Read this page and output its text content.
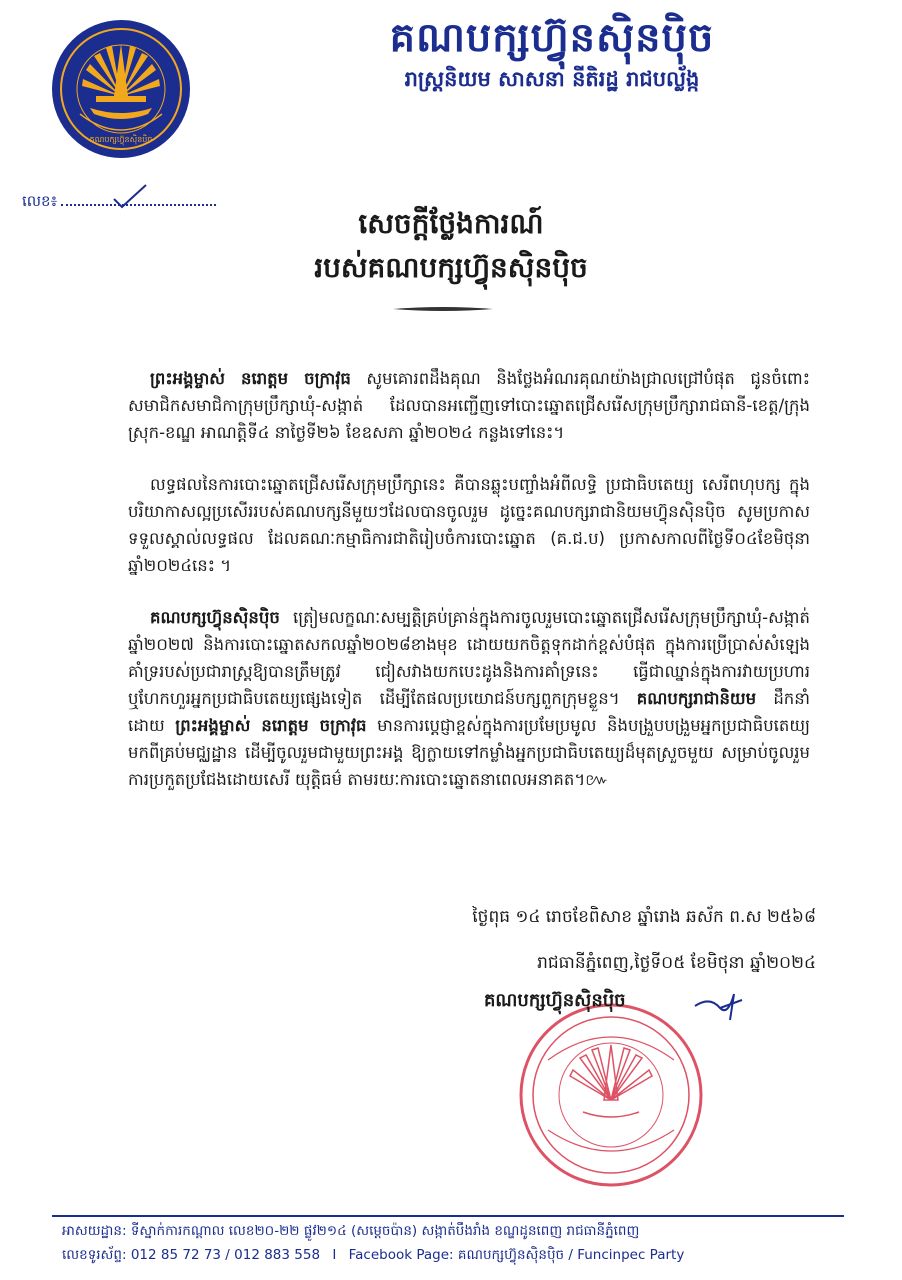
គណបក្សហ៊្វុនស៊ិនប៉ិច
គណបក្សហ៊្វុនស៊ិនប៉ិច
រាស្ត្រនិយម សាសនា នីតិរដ្ឋ រាជបល្ល័ង្ក
លេខ៖
សេចក្ដីថ្លែងការណ៍
របស់គណបក្សហ៊្វុនស៊ិនប៉ិច

ព្រះអង្គម្ចាស់ នរោត្តម ចក្រាវុធ សូមគោរពដឹងគុណ និងថ្លែងអំណរគុណយ៉ាងជ្រាលជ្រៅបំផុត ជូនចំពោះសមាជិកសមាជិកាក្រុមប្រឹក្សាឃុំ-សង្កាត់ ដែលបានអញ្ជើញទៅបោះឆ្នោតជ្រើសរើសក្រុមប្រឹក្សារាជធានី-ខេត្ត/ក្រុង ស្រុក-ខណ្ឌ អាណត្តិទី៤ នាថ្ងៃទី២៦ ខែឧសភា ឆ្នាំ២០២៤ កន្លងទៅនេះ។

លទ្ធផលនៃការបោះឆ្នោតជ្រើសរើសក្រុមប្រឹក្សានេះ គឺបានឆ្លុះបញ្ចាំងអំពីលទ្ធិ ប្រជាធិបតេយ្យ សេរីពហុបក្ស ក្នុងបរិយាកាសល្អប្រសើររបស់គណបក្សនីមួយៗដែលបានចូលរួម ដូច្នេះគណបក្សរាជានិយមហ៊្វុនស៊ិនប៉ិច សូមប្រកាសទទួលស្គាល់លទ្ធផល ដែលគណៈកម្មាធិការជាតិរៀបចំការបោះឆ្នោត (គ.ជ.ប) ប្រកាសកាលពីថ្ងៃទី០៤ខែមិថុនា ឆ្នាំ២០២៤នេះ ។

គណបក្សហ៊្វុនស៊ិនប៉ិច ត្រៀមលក្ខណៈសម្បត្តិគ្រប់គ្រាន់ក្នុងការចូលរួមបោះឆ្នោតជ្រើសរើសក្រុមប្រឹក្សាឃុំ-សង្កាត់ឆ្នាំ២០២៧ និងការបោះឆ្នោតសកលឆ្នាំ២០២៨ខាងមុខ ដោយយកចិត្តទុកដាក់ខ្ពស់បំផុត ក្នុងការប្រើប្រាស់សំឡេងគាំទ្ររបស់ប្រជារាស្ត្រឱ្យបានត្រឹមត្រូវ ជៀសវាងយកបេះដូងនិងការគាំទ្រនេះ ធ្វើជាឈ្នាន់ក្នុងការវាយប្រហារ ឬហែកហួរអ្នកប្រជាធិបតេយ្យផ្សេងទៀត ដើម្បីតែផលប្រយោជន៍បក្សពួកក្រុមខ្លួន។ គណបក្សរាជានិយម ដឹកនាំដោយ ព្រះអង្គម្ចាស់ នរោត្តម ចក្រាវុធ មានការប្ដេជ្ញាខ្ពស់ក្នុងការប្រមែប្រមូល និងបង្រួបបង្រួមអ្នកប្រជាធិបតេយ្យមកពីគ្រប់មជ្ឈដ្ឋាន ដើម្បីចូលរួមជាមួយព្រះអង្គ ឱ្យក្លាយទៅកម្លាំងអ្នកប្រជាធិបតេយ្យដ៏មុតស្រួចមួយ សម្រាប់ចូលរួមការប្រកួតប្រជែងដោយសេរី យុត្តិធម៌ តាមរយៈការបោះឆ្នោតនាពេលអនាគត។៚

ថ្ងៃពុធ ១៤ រោចខែពិសាខ ឆ្នាំរោង ឆស័ក ព.ស ២៥៦៨
រាជធានីភ្នំពេញ,ថ្ងៃទី០៥ ខែមិថុនា ឆ្នាំ២០២៤
គណបក្សហ៊្វុនស៊ិនប៉ិច
អាសយដ្ឋាន: ទីស្នាក់ការកណ្ដាល លេខ២០-២២ ផ្លូវ២១៤ (សម្ដេចប៉ាន) សង្កាត់បឹងរាំង ខណ្ឌដូនពេញ រាជធានីភ្នំពេញ
លេខទូរស័ព្ទ: 012 85 72 73 / 012 883 558 I Facebook Page: គណបក្សហ៊្វុនស៊ិនប៉ិច / Funcinpec Party
